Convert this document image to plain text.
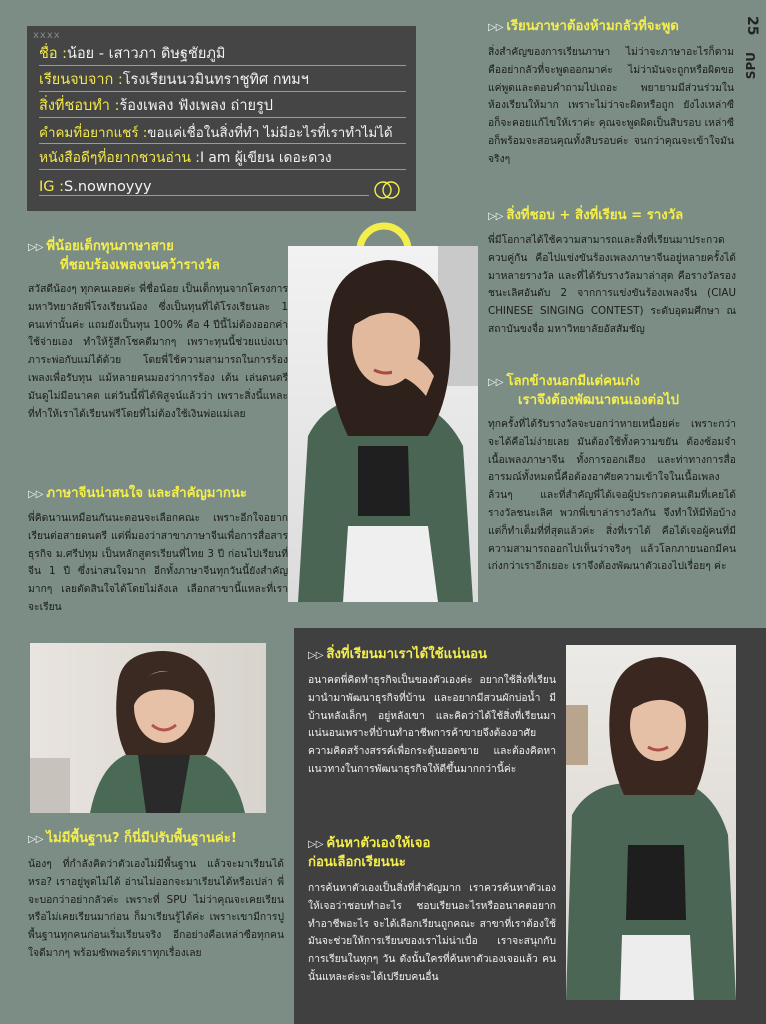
xxxx
ชื่อ : น้อย - เสาวภา ดิษฐชัยภูมิ
เรียนจบจาก : โรงเรียนนวมินทราชูทิศ กทมฯ
สิ่งที่ชอบทำ : ร้องเพลง ฟังเพลง ถ่ายรูป
คำคมที่อยากแชร์ : ขอแค่เชื่อในสิ่งที่ทำ ไม่มีอะไรที่เราทำไม่ได้
หนังสือดีๆที่อยากชวนอ่าน : I am ผู้เขียน เดอะดวง
IG : S.nownoyyy
25
SPU
▷▷ พี่น้อยเด็กทุนภาษาสาย
ที่ชอบร้องเพลงจนคว้ารางวัล

สวัสดีน้องๆ ทุกคนเลยค่ะ พี่ชื่อน้อย เป็นเด็กทุนจากโครงการมหาวิทยาลัยพี่โรงเรียนน้อง ซึ่งเป็นทุนที่ได้โรงเรียนละ 1 คนเท่านั้นค่ะ แถมยังเป็นทุน 100% คือ 4 ปีนี้ไม่ต้องออกค่าใช้จ่ายเอง ทำให้รู้สึกโชคดีมากๆ เพราะทุนนี้ช่วยแบ่งเบาภาระพ่อกับแม่ได้ด้วย โดยพี่ใช้ความสามารถในการร้องเพลงเพื่อรับทุน แม้หลายคนมองว่าการร้อง เต้น เล่นดนตรี มันดูไม่มีอนาคต แต่วันนี้พี่ได้พิสูจน์แล้วว่า เพราะสิ่งนี้แหละที่ทำให้เราได้เรียนฟรีโดยที่ไม่ต้องใช้เงินพ่อแม่เลย

▷▷ ภาษาจีนน่าสนใจ และสำคัญมากนะ

พี่คิดนานเหมือนกันนะตอนจะเลือกคณะ เพราะอีกใจอยากเรียนต่อสายดนตรี แต่พี่มองว่าสาขาภาษาจีนเพื่อการสื่อสารธุรกิจ ม.ศรีปทุม เป็นหลักสูตรเรียนที่ไทย 3 ปี ก่อนไปเรียนที่จีน 1 ปี ซึ่งน่าสนใจมาก อีกทั้งภาษาจีนทุกวันนี้ยังสำคัญมากๆ เลยตัดสินใจได้โดยไม่ลังเล เลือกสาขานี้แหละที่เราจะเรียน

▷▷ ไม่มีพื้นฐาน? ก็นี่มีปรับพื้นฐานค่ะ!

น้องๆ ที่กำลังคิดว่าตัวเองไม่มีพื้นฐาน แล้วจะมาเรียนได้หรอ? เราอยู่พูดไม่ได้ อ่านไม่ออกจะมาเรียนได้หรือเปล่า พี่จะบอกว่าอย่ากลัวค่ะ เพราะที่ SPU ไม่ว่าคุณจะเคยเรียนหรือไม่เคยเรียนมาก่อน ก็มาเรียนรู้ได้ค่ะ เพราะเขามีการปูพื้นฐานทุกคนก่อนเริ่มเรียนจริง อีกอย่างคือเหล่าซือทุกคนใจดีมากๆ พร้อมซัพพอร์ตเราทุกเรื่องเลย

▷▷ เรียนภาษาต้องห้ามกลัวที่จะพูด

สิ่งสำคัญของการเรียนภาษา ไม่ว่าจะภาษาอะไรก็ตาม คืออย่ากลัวที่จะพูดออกมาค่ะ ไม่ว่ามันจะถูกหรือผิดขอแค่พูดและตอบคำถามไปเถอะ พยายามมีส่วนร่วมในห้องเรียนให้มาก เพราะไม่ว่าจะผิดหรือถูก ยังไงเหล่าซือก็จะคอยแก้ไขให้เราค่ะ คุณจะพูดผิดเป็นสิบรอบ เหล่าซือก็พร้อมจะสอนคุณทั้งสิบรอบค่ะ จนกว่าคุณจะเข้าใจมันจริงๆ

▷▷ สิ่งที่ชอบ + สิ่งที่เรียน = รางวัล

พี่มีโอกาสได้ใช้ความสามารถและสิ่งที่เรียนมาประกวดควบคู่กัน คือไปแข่งขันร้องเพลงภาษาจีนอยู่หลายครั้งได้มาหลายรางวัล และที่ได้รับรางวัลมาล่าสุด คือรางวัลรองชนะเลิศอันดับ 2 จากการแข่งขันร้องเพลงจีน (CIAU CHINESE SINGING CONTEST) ระดับอุดมศึกษา ณ สถาบันขงจื่อ มหาวิทยาลัยอัสสัมชัญ

▷▷ โลกข้างนอกมีแต่คนเก่ง
เราจึงต้องพัฒนาตนเองต่อไป

ทุกครั้งที่ได้รับรางวัลจะบอกว่าหายเหนื่อยค่ะ เพราะกว่าจะได้คือไม่ง่ายเลย มันต้องใช้ทั้งความขยัน ต้องซ้อมจำเนื้อเพลงภาษาจีน ทั้งการออกเสียง และท่าทางการสื่ออารมณ์ทั้งหมดนี้คือต้องอาศัยความเข้าใจในเนื้อเพลงล้วนๆ และที่สำคัญพี่ได้เจอผู้ประกวดคนเดิมที่เคยได้รางวัลชนะเลิศ พวกพี่เขาล่ารางวัลกัน จึงทำให้มีท้อบ้าง แต่ก็ทำเต็มที่ที่สุดแล้วค่ะ สิ่งที่เราได้ คือได้เจอผู้คนที่มีความสามารถออกไปเห็นว่าจริงๆ แล้วโลกภายนอกมีคนเก่งกว่าเราอีกเยอะ เราจึงต้องพัฒนาตัวเองไปเรื่อยๆ ค่ะ

▷▷ สิ่งที่เรียนมาเราได้ใช้แน่นอน

อนาคตพี่คิดทำธุรกิจเป็นของตัวเองค่ะ อยากใช้สิ่งที่เรียนมานำมาพัฒนาธุรกิจที่บ้าน และอยากมีสวนผักบ่อน้ำ มีบ้านหลังเล็กๆ อยู่หลังเขา และคิดว่าได้ใช้สิ่งที่เรียนมาแน่นอนเพราะที่บ้านทำอาชีพการค้าขายจึงต้องอาศัยความคิดสร้างสรรค์เพื่อกระตุ้นยอดขาย และต้องคิดหาแนวทางในการพัฒนาธุรกิจให้ดีขึ้นมากกว่านี้ค่ะ

▷▷ ค้นหาตัวเองให้เจอ
ก่อนเลือกเรียนนะ

การค้นหาตัวเองเป็นสิ่งที่สำคัญมาก เราควรค้นหาตัวเองให้เจอว่าชอบทำอะไร ชอบเรียนอะไรหรืออนาคตอยากทำอาชีพอะไร จะได้เลือกเรียนถูกคณะ สาขาที่เราต้องใช้ มันจะช่วยให้การเรียนของเราไม่น่าเบื่อ เราจะสนุกกับการเรียนในทุกๆ วัน ดังนั้นใครที่ค้นหาตัวเองเจอแล้ว คนนั้นแหละค่ะจะได้เปรียบคนอื่น
